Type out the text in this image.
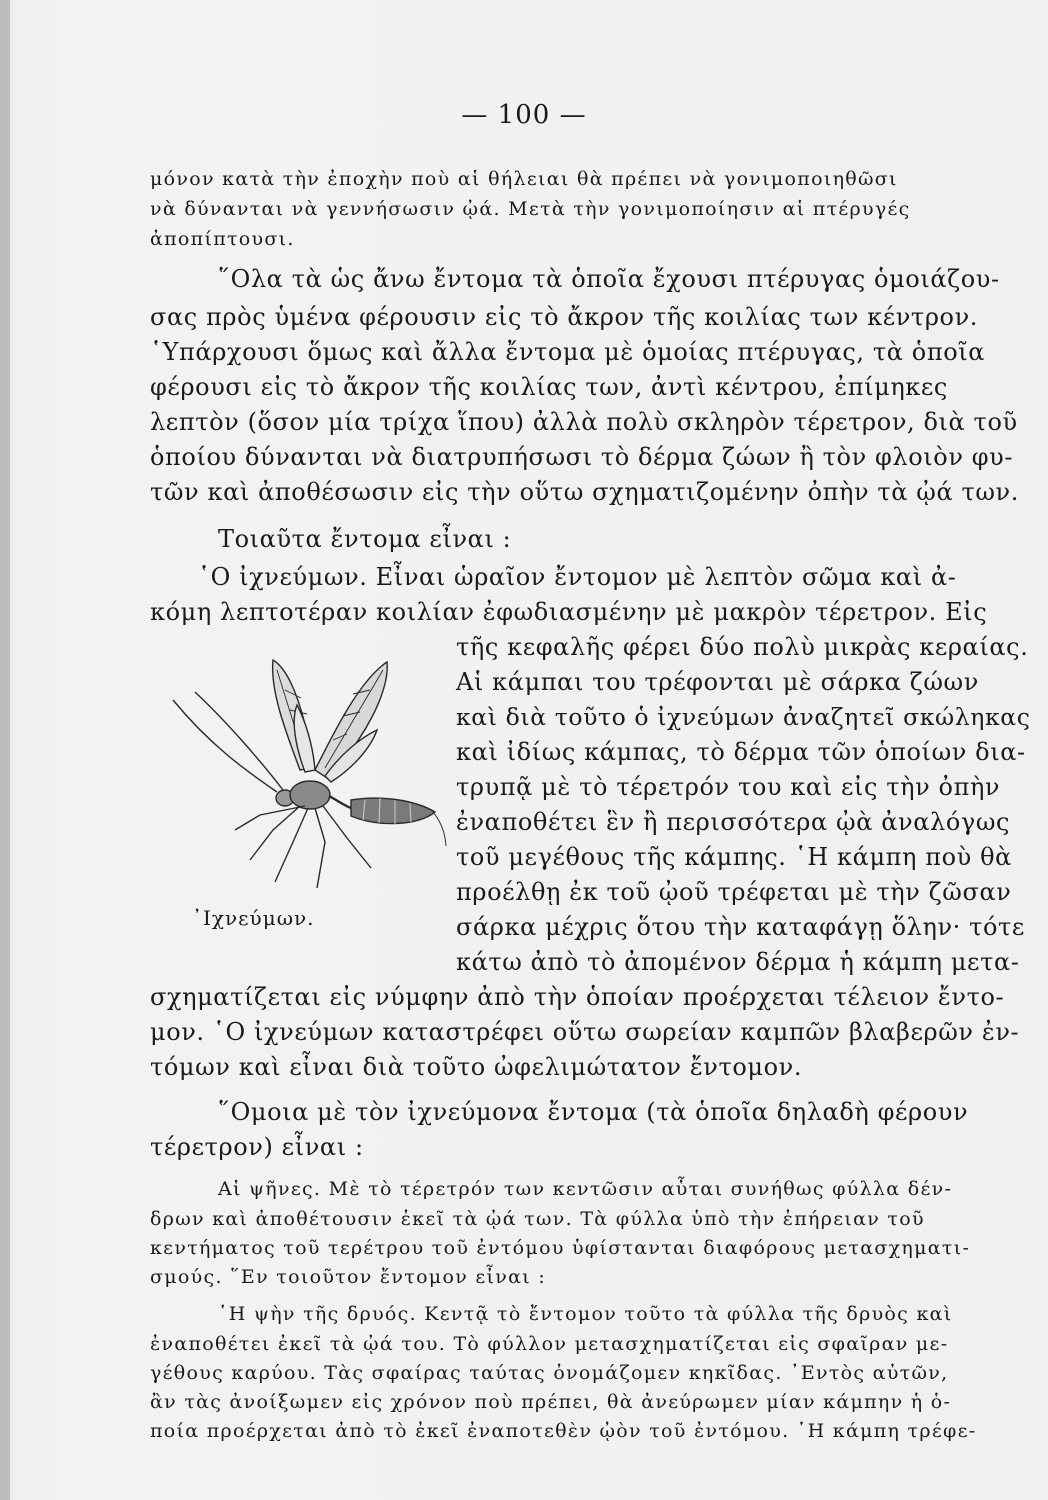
— 100 —
μόνον κατὰ τὴν ἐποχὴν ποὺ αἱ θήλειαι θὰ πρέπει νὰ γονιμοποιηθῶσι
νὰ δύνανται νὰ γεννήσωσιν ᾠά. Μετὰ τὴν γονιμοποίησιν αἱ πτέρυγές
ἀποπίπτουσι.
῞Ολα τὰ ὡς ἄνω ἔντομα τὰ ὁποῖα ἔχουσι πτέρυγας ὁμοιάζου-
σας πρὸς ὑμένα φέρουσιν εἰς τὸ ἄκρον τῆς κοιλίας των κέντρον.
῾Υπάρχουσι ὅμως καὶ ἄλλα ἔντομα μὲ ὁμοίας πτέρυγας, τὰ ὁποῖα
φέρουσι εἰς τὸ ἄκρον τῆς κοιλίας των, ἀντὶ κέντρου, ἐπίμηκες
λεπτὸν (ὅσον μία τρίχα ἵπου) ἀλλὰ πολὺ σκληρὸν τέρετρον, διὰ τοῦ
ὁποίου δύνανται νὰ διατρυπήσωσι τὸ δέρμα ζώων ἢ τὸν φλοιὸν φυ-
τῶν καὶ ἀποθέσωσιν εἰς τὴν οὕτω σχηματιζομένην ὀπὴν τὰ ᾠά των.
Τοιαῦτα ἔντομα εἶναι :
῾Ο ἰχνεύμων. Εἶναι ὡραῖον ἔντομον μὲ λεπτὸν σῶμα καὶ ἀ-
κόμη λεπτοτέραν κοιλίαν ἐφωδιασμένην μὲ μακρὸν τέρετρον. Εἰς
τῆς κεφαλῆς φέρει δύο πολὺ μικρὰς κεραίας.
Αἱ κάμπαι του τρέφονται μὲ σάρκα ζώων
καὶ διὰ τοῦτο ὁ ἰχνεύμων ἀναζητεῖ σκώληκας
καὶ ἰδίως κάμπας, τὸ δέρμα τῶν ὁποίων δια-
τρυπᾷ μὲ τὸ τέρετρόν του καὶ εἰς τὴν ὀπὴν
ἐναποθέτει ἓν ἢ περισσότερα ᾠὰ ἀναλόγως
τοῦ μεγέθους τῆς κάμπης. ῾Η κάμπη ποὺ θὰ
προέλθῃ ἐκ τοῦ ᾠοῦ τρέφεται μὲ τὴν ζῶσαν
σάρκα μέχρις ὅτου τὴν καταφάγῃ ὅλην· τότε
κάτω ἀπὸ τὸ ἀπομένον δέρμα ἡ κάμπη μετα-
᾿Ιχνεύμων.
σχηματίζεται εἰς νύμφην ἀπὸ τὴν ὁποίαν προέρχεται τέλειον ἔντο-
μον. ῾Ο ἰχνεύμων καταστρέφει οὕτω σωρείαν καμπῶν βλαβερῶν ἐν-
τόμων καὶ εἶναι διὰ τοῦτο ὠφελιμώτατον ἔντομον.
῞Ομοια μὲ τὸν ἰχνεύμονα ἔντομα (τὰ ὁποῖα δηλαδὴ φέρουν
τέρετρον) εἶναι :
Αἱ ψῆνες. Μὲ τὸ τέρετρόν των κεντῶσιν αὗται συνήθως φύλλα δέν-
δρων καὶ ἀποθέτουσιν ἐκεῖ τὰ ᾠά των. Τὰ φύλλα ὑπὸ τὴν ἐπήρειαν τοῦ
κεντήματος τοῦ τερέτρου τοῦ ἐντόμου ὑφίστανται διαφόρους μετασχηματι-
σμούς. ῞Εν τοιοῦτον ἔντομον εἶναι :
῾Η ψὴν τῆς δρυός. Κεντᾷ τὸ ἔντομον τοῦτο τὰ φύλλα τῆς δρυὸς καὶ
ἐναποθέτει ἐκεῖ τὰ ᾠά του. Τὸ φύλλον μετασχηματίζεται εἰς σφαῖραν με-
γέθους καρύου. Τὰς σφαίρας ταύτας ὀνομάζομεν κηκῖδας. ᾿Εντὸς αὐτῶν,
ἂν τὰς ἀνοίξωμεν εἰς χρόνον ποὺ πρέπει, θὰ ἀνεύρωμεν μίαν κάμπην ἡ ὁ-
ποία προέρχεται ἀπὸ τὸ ἐκεῖ ἐναποτεθὲν ᾠὸν τοῦ ἐντόμου. ῾Η κάμπη τρέφε-
